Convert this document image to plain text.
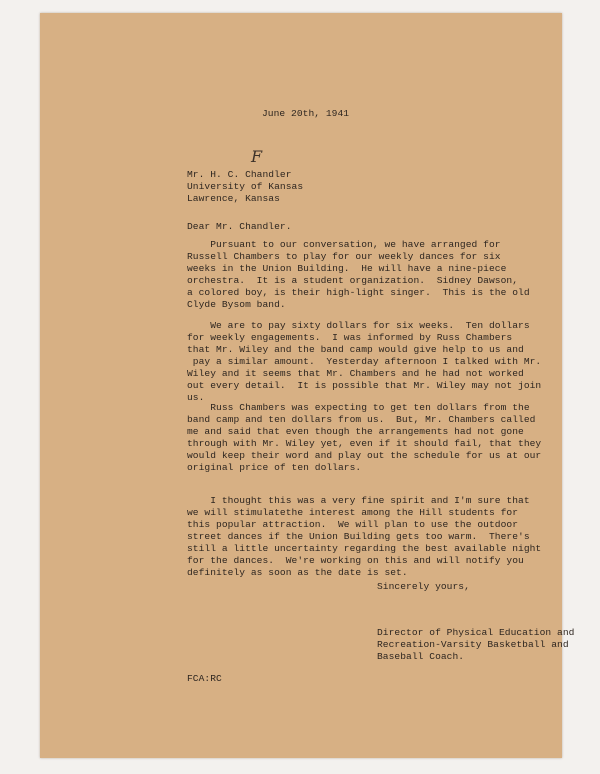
June 20th, 1941
F
Mr. H. C. Chandler
University of Kansas
Lawrence, Kansas
Dear Mr. Chandler.
Pursuant to our conversation, we have arranged for
Russell Chambers to play for our weekly dances for six
weeks in the Union Building.  He will have a nine-piece
orchestra.  It is a student organization.  Sidney Dawson,
a colored boy, is their high-light singer.  This is the old
Clyde Bysom band.
We are to pay sixty dollars for six weeks.  Ten dollars
for weekly engagements.  I was informed by Russ Chambers
that Mr. Wiley and the band camp would give help to us and
pay a similar amount.  Yesterday afternoon I talked with Mr.
Wiley and it seems that Mr. Chambers and he had not worked
out every detail.  It is possible that Mr. Wiley may not join
us.
Russ Chambers was expecting to get ten dollars from the
band camp and ten dollars from us.  But, Mr. Chambers called
me and said that even though the arrangements had not gone
through with Mr. Wiley yet, even if it should fail, that they
would keep their word and play out the schedule for us at our
original price of ten dollars.
I thought this was a very fine spirit and I'm sure that
we will stimulatethe interest among the Hill students for
this popular attraction.  We will plan to use the outdoor
street dances if the Union Building gets too warm.  There's
still a little uncertainty regarding the best available night
for the dances.  We're working on this and will notify you
definitely as soon as the date is set.
Sincerely yours,
Director of Physical Education and
Recreation-Varsity Basketball and
Baseball Coach.
FCA:RC
